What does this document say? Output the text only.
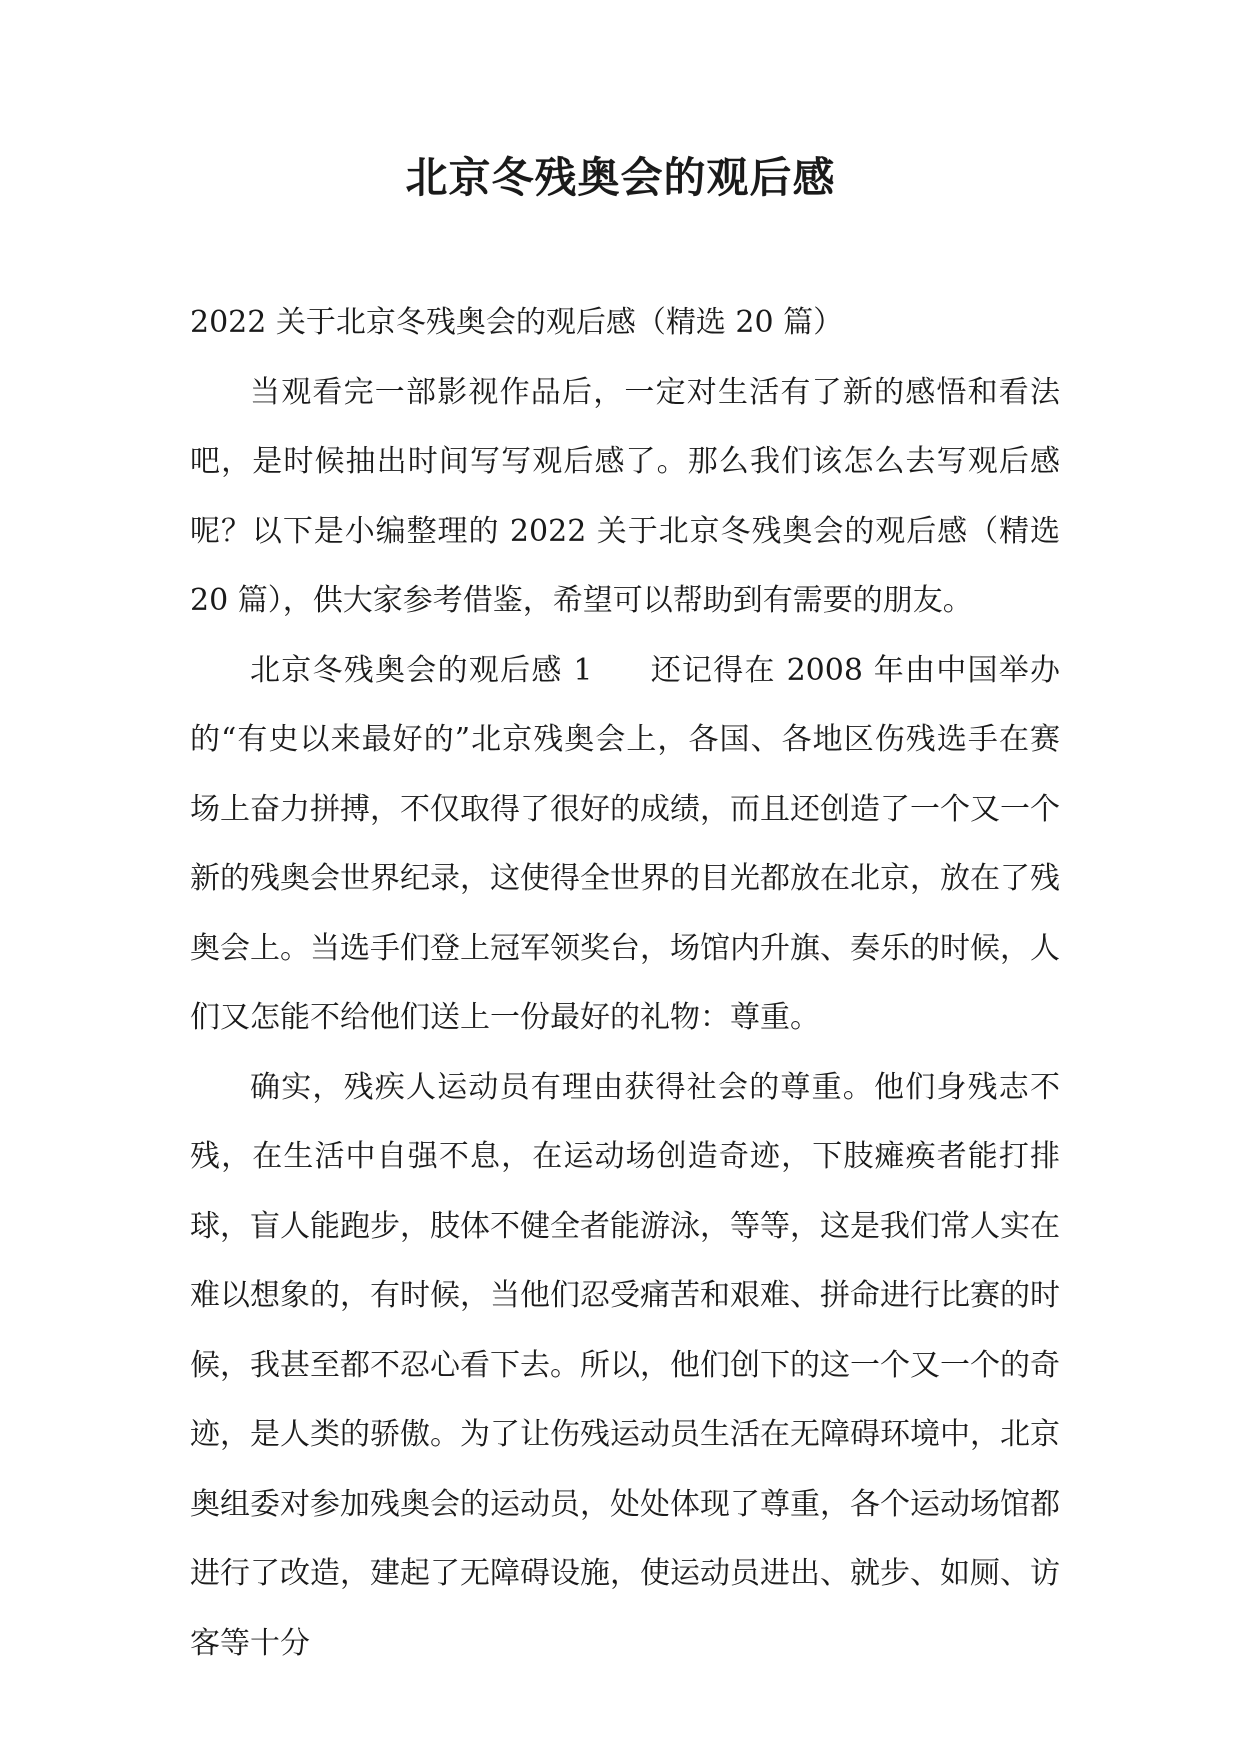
北京冬残奥会的观后感

2022 关于北京冬残奥会的观后感（精选 20 篇）

当观看完一部影视作品后，一定对生活有了新的感悟和看法吧，是时候抽出时间写写观后感了。那么我们该怎么去写观后感呢？以下是小编整理的 2022 关于北京冬残奥会的观后感（精选 20 篇），供大家参考借鉴，希望可以帮助到有需要的朋友。

北京冬残奥会的观后感 1 还记得在 2008 年由中国举办的“有史以来最好的”北京残奥会上，各国、各地区伤残选手在赛场上奋力拼搏，不仅取得了很好的成绩，而且还创造了一个又一个新的残奥会世界纪录，这使得全世界的目光都放在北京，放在了残奥会上。当选手们登上冠军领奖台，场馆内升旗、奏乐的时候，人们又怎能不给他们送上一份最好的礼物：尊重。

确实，残疾人运动员有理由获得社会的尊重。他们身残志不残，在生活中自强不息，在运动场创造奇迹，下肢瘫痪者能打排球，盲人能跑步，肢体不健全者能游泳，等等，这是我们常人实在难以想象的，有时候，当他们忍受痛苦和艰难、拼命进行比赛的时候，我甚至都不忍心看下去。所以，他们创下的这一个又一个的奇迹，是人类的骄傲。为了让伤残运动员生活在无障碍环境中，北京奥组委对参加残奥会的运动员，处处体现了尊重，各个运动场馆都进行了改造，建起了无障碍设施，使运动员进出、就步、如厕、访客等十分
